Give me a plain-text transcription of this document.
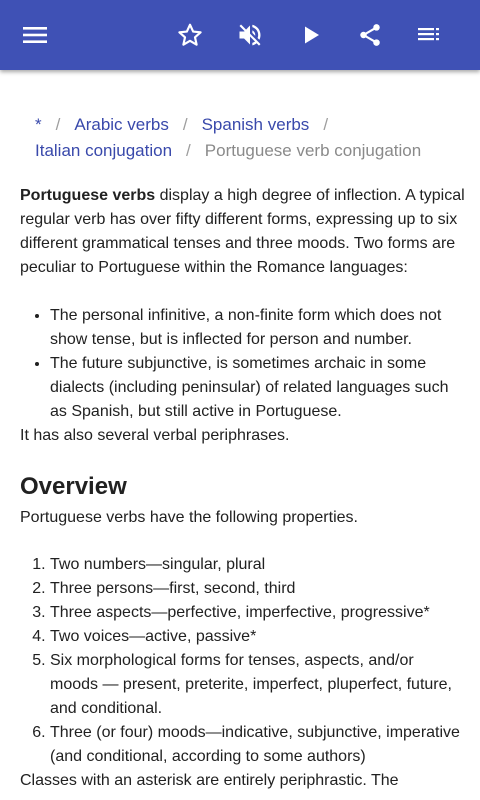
* / Arabic verbs / Spanish verbs /
Italian conjugation / Portuguese verb conjugation

Portuguese verbs display a high degree of inflection. A typical regular verb has over fifty different forms, expressing up to six different grammatical tenses and three moods. Two forms are peculiar to Portuguese within the Romance languages:

• The personal infinitive, a non-finite form which does not show tense, but is inflected for person and number.
• The future subjunctive, is sometimes archaic in some dialects (including peninsular) of related languages such as Spanish, but still active in Portuguese.

It has also several verbal periphrases.

Overview

Portuguese verbs have the following properties.

1. Two numbers—singular, plural
2. Three persons—first, second, third
3. Three aspects—perfective, imperfective, progressive*
4. Two voices—active, passive*
5. Six morphological forms for tenses, aspects, and/or moods — present, preterite, imperfect, pluperfect, future, and conditional.
6. Three (or four) moods—indicative, subjunctive, imperative (and conditional, according to some authors)

Classes with an asterisk are entirely periphrastic. The
